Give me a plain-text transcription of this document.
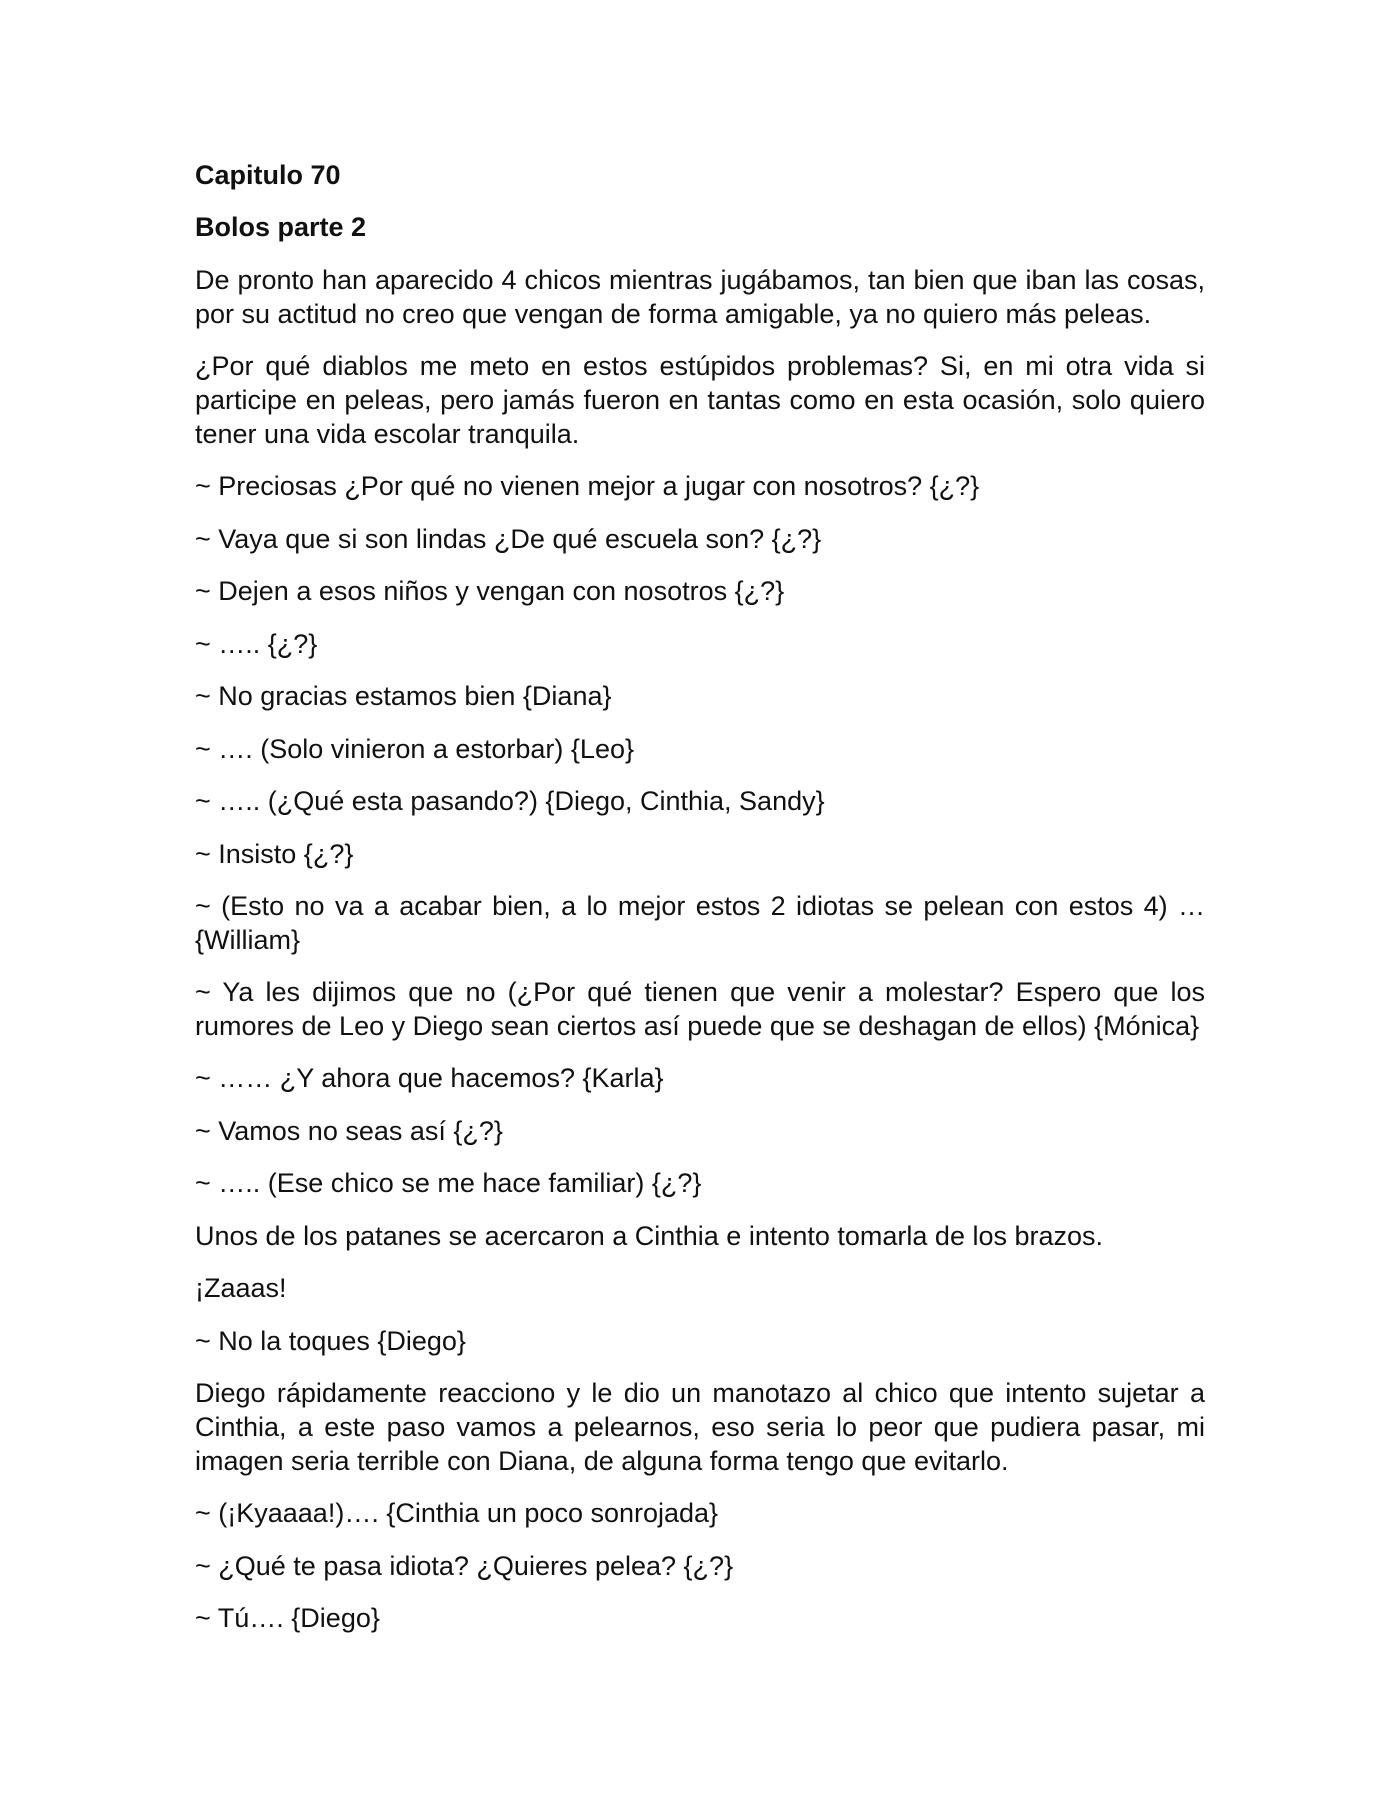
Capitulo 70
Bolos parte 2
De pronto han aparecido 4 chicos mientras jugábamos, tan bien que iban las cosas, por su actitud no creo que vengan de forma amigable, ya no quiero más peleas.
¿Por qué diablos me meto en estos estúpidos problemas? Si, en mi otra vida si participe en peleas, pero jamás fueron en tantas como en esta ocasión, solo quiero tener una vida escolar tranquila.
~ Preciosas ¿Por qué no vienen mejor a jugar con nosotros? {¿?}
~ Vaya que si son lindas ¿De qué escuela son? {¿?}
~ Dejen a esos niños y vengan con nosotros {¿?}
~ ….. {¿?}
~ No gracias estamos bien {Diana}
~ …. (Solo vinieron a estorbar) {Leo}
~ ….. (¿Qué esta pasando?) {Diego, Cinthia, Sandy}
~ Insisto {¿?}
~ (Esto no va a acabar bien, a lo mejor estos 2 idiotas se pelean con estos 4) … {William}
~ Ya les dijimos que no (¿Por qué tienen que venir a molestar? Espero que los rumores de Leo y Diego sean ciertos así puede que se deshagan de ellos) {Mónica}
~ …… ¿Y ahora que hacemos? {Karla}
~ Vamos no seas así {¿?}
~ ….. (Ese chico se me hace familiar) {¿?}
Unos de los patanes se acercaron a Cinthia e intento tomarla de los brazos.
¡Zaaas!
~ No la toques {Diego}
Diego rápidamente reacciono y le dio un manotazo al chico que intento sujetar a Cinthia, a este paso vamos a pelearnos, eso seria lo peor que pudiera pasar, mi imagen seria terrible con Diana, de alguna forma tengo que evitarlo.
~ (¡Kyaaaa!)…. {Cinthia un poco sonrojada}
~ ¿Qué te pasa idiota? ¿Quieres pelea? {¿?}
~ Tú…. {Diego}
